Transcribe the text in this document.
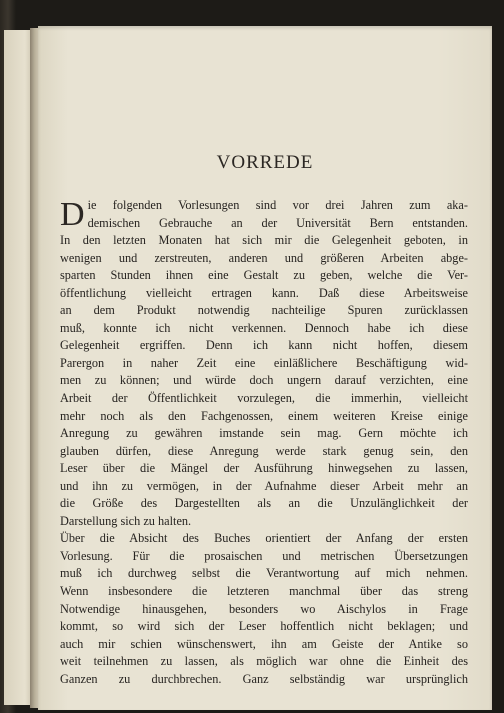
VORREDE
D ie folgenden Vorlesungen sind vor drei Jahren zum aka-
demischen Gebrauche an der Universität Bern entstanden.
In den letzten Monaten hat sich mir die Gelegenheit geboten, in
wenigen und zerstreuten, anderen und größeren Arbeiten abge-
sparten Stunden ihnen eine Gestalt zu geben, welche die Ver-
öffentlichung vielleicht ertragen kann. Daß diese Arbeitsweise
an dem Produkt notwendig nachteilige Spuren zurücklassen
muß, konnte ich nicht verkennen. Dennoch habe ich diese
Gelegenheit ergriffen. Denn ich kann nicht hoffen, diesem
Parergon in naher Zeit eine einläßlichere Beschäftigung wid-
men zu können; und würde doch ungern darauf verzichten, eine
Arbeit der Öffentlichkeit vorzulegen, die immerhin, vielleicht
mehr noch als den Fachgenossen, einem weiteren Kreise einige
Anregung zu gewähren imstande sein mag. Gern möchte ich
glauben dürfen, diese Anregung werde stark genug sein, den
Leser über die Mängel der Ausführung hinwegsehen zu lassen,
und ihn zu vermögen, in der Aufnahme dieser Arbeit mehr an
die Größe des Dargestellten als an die Unzulänglichkeit der
Darstellung sich zu halten.
Über die Absicht des Buches orientiert der Anfang der ersten
Vorlesung. Für die prosaischen und metrischen Übersetzungen
muß ich durchweg selbst die Verantwortung auf mich nehmen.
Wenn insbesondere die letzteren manchmal über das streng
Notwendige hinausgehen, besonders wo Aischylos in Frage
kommt, so wird sich der Leser hoffentlich nicht beklagen; und
auch mir schien wünschenswert, ihn am Geiste der Antike so
weit teilnehmen zu lassen, als möglich war ohne die Einheit des
Ganzen zu durchbrechen. Ganz selbständig war ursprünglich
